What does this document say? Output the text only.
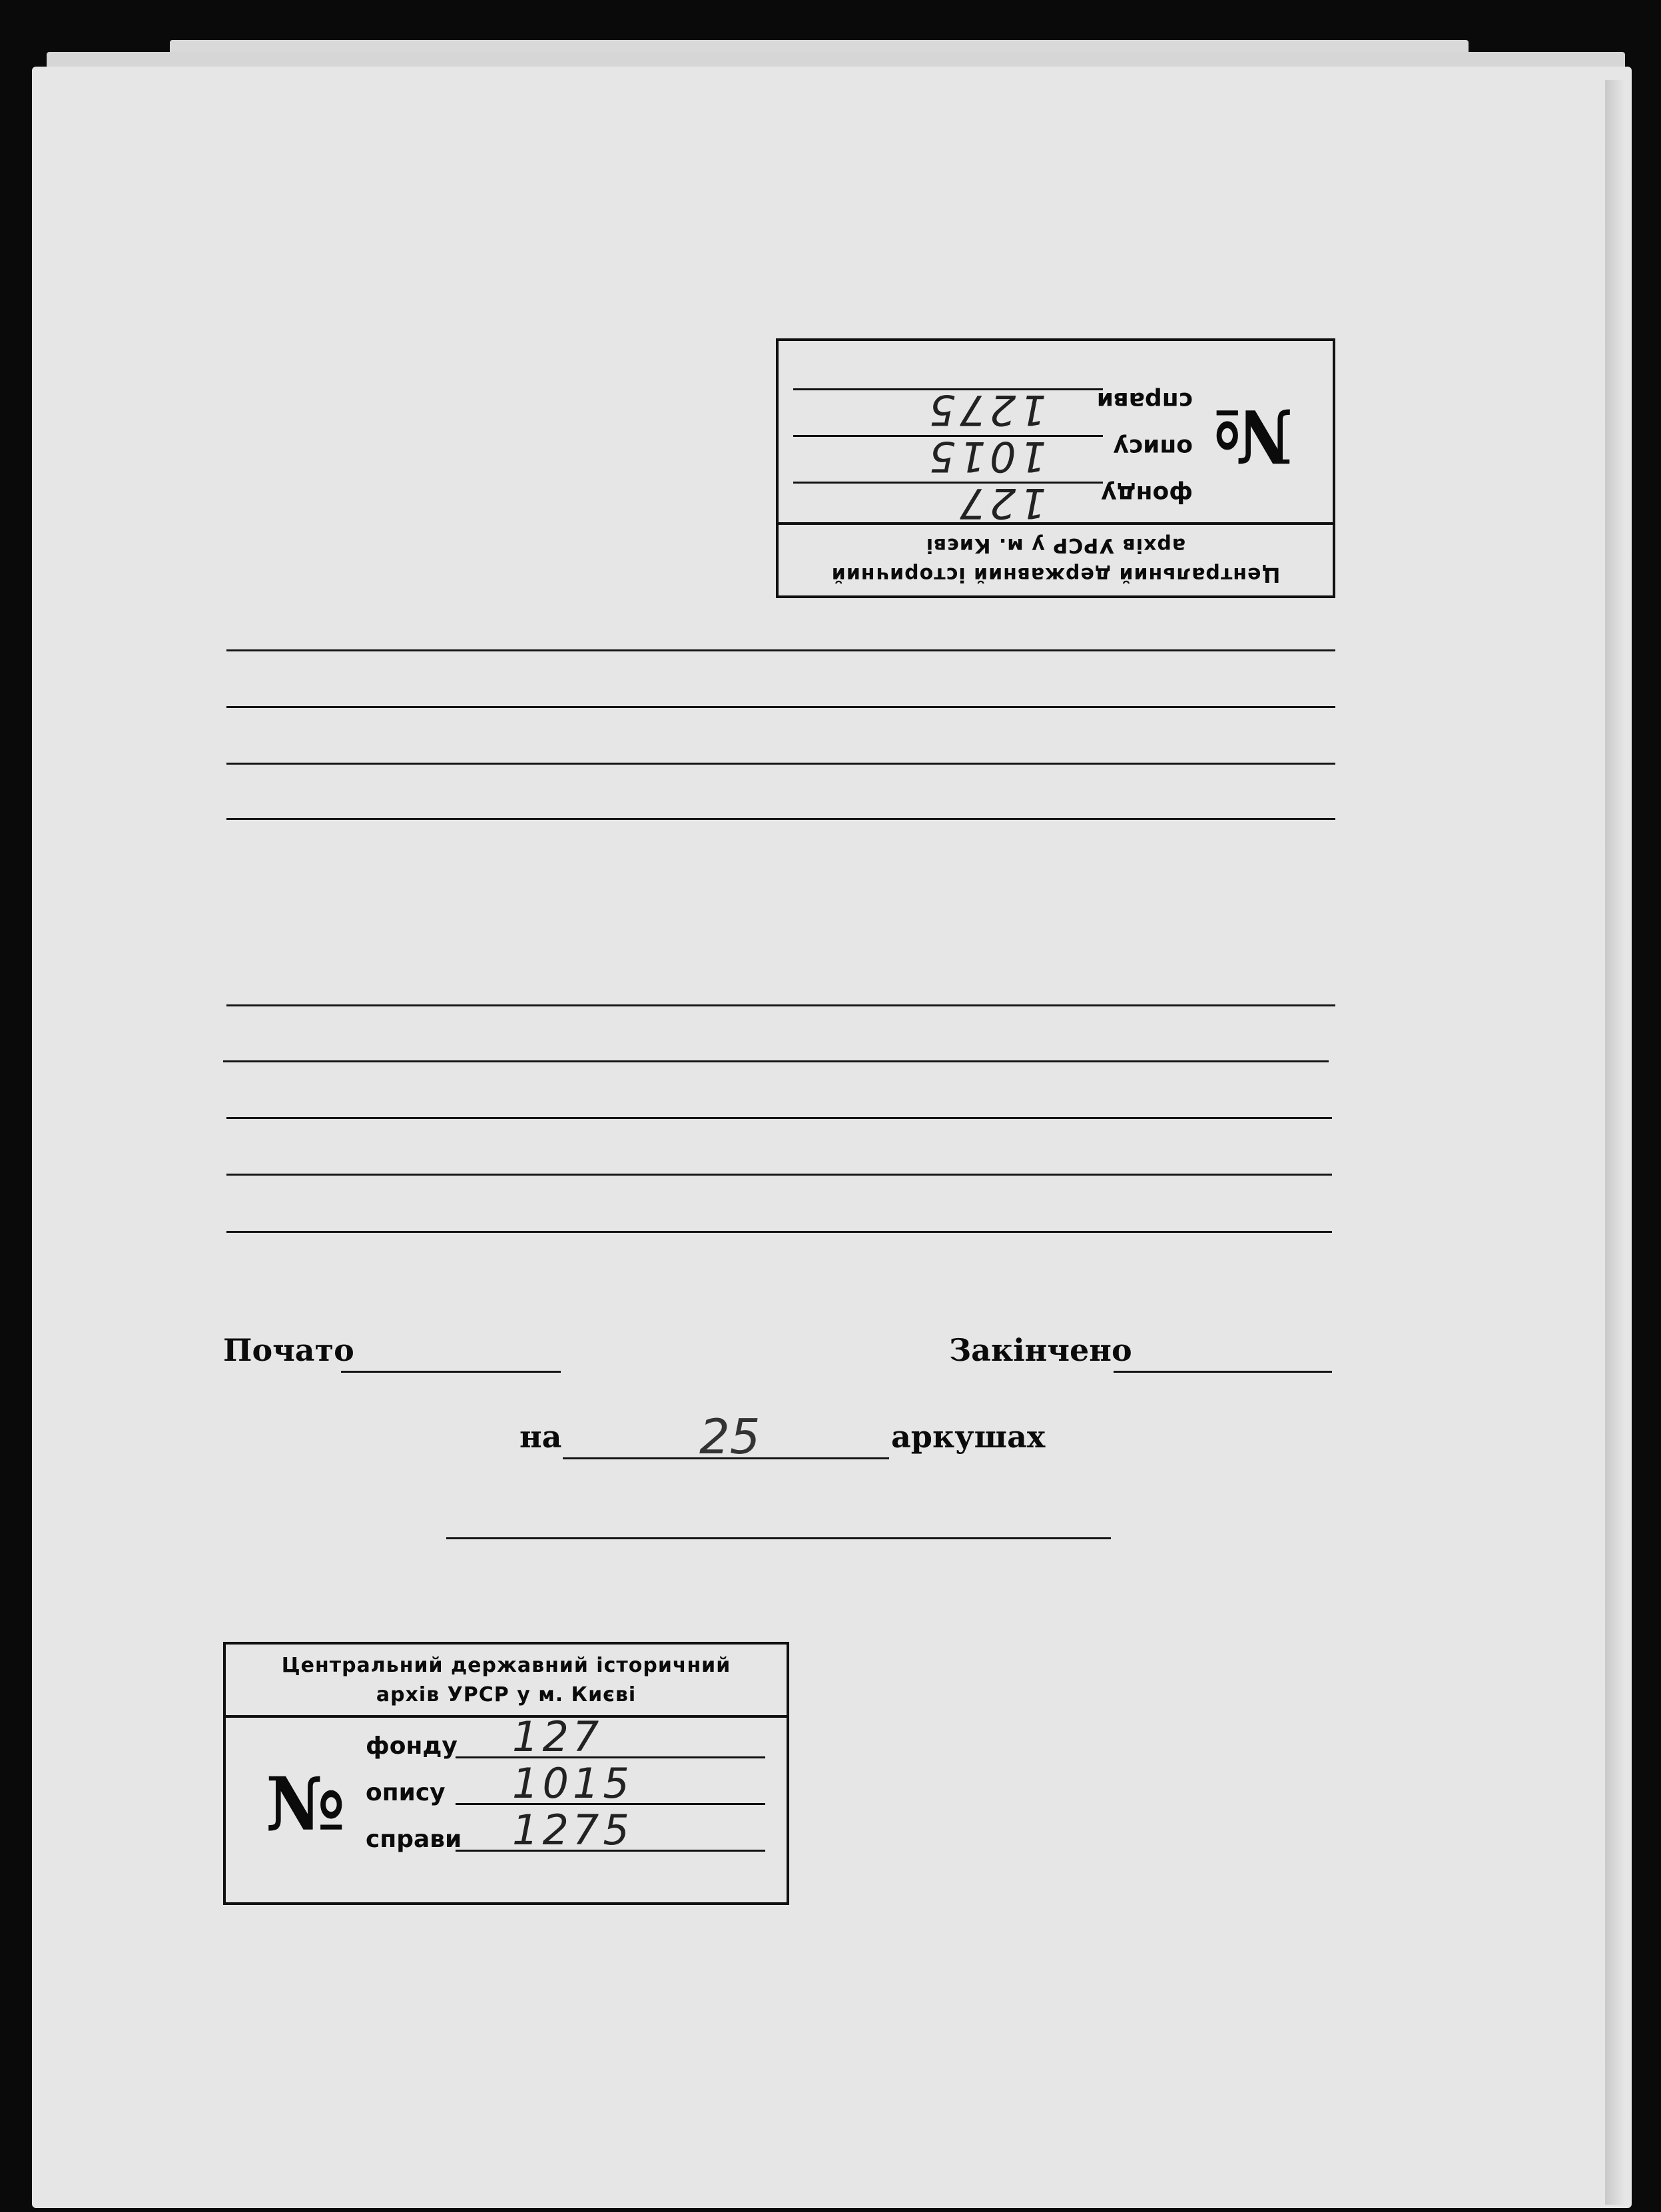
Центральний державний історичний
архів УРСР у м. Києві
№
фонду
127
опису
1015
справи
1275
Почато	Закінчено
на	25	аркушах
Центральний державний історичний
архів УРСР у м. Києві
№
фонду 127
опису 1015
справи 1275
